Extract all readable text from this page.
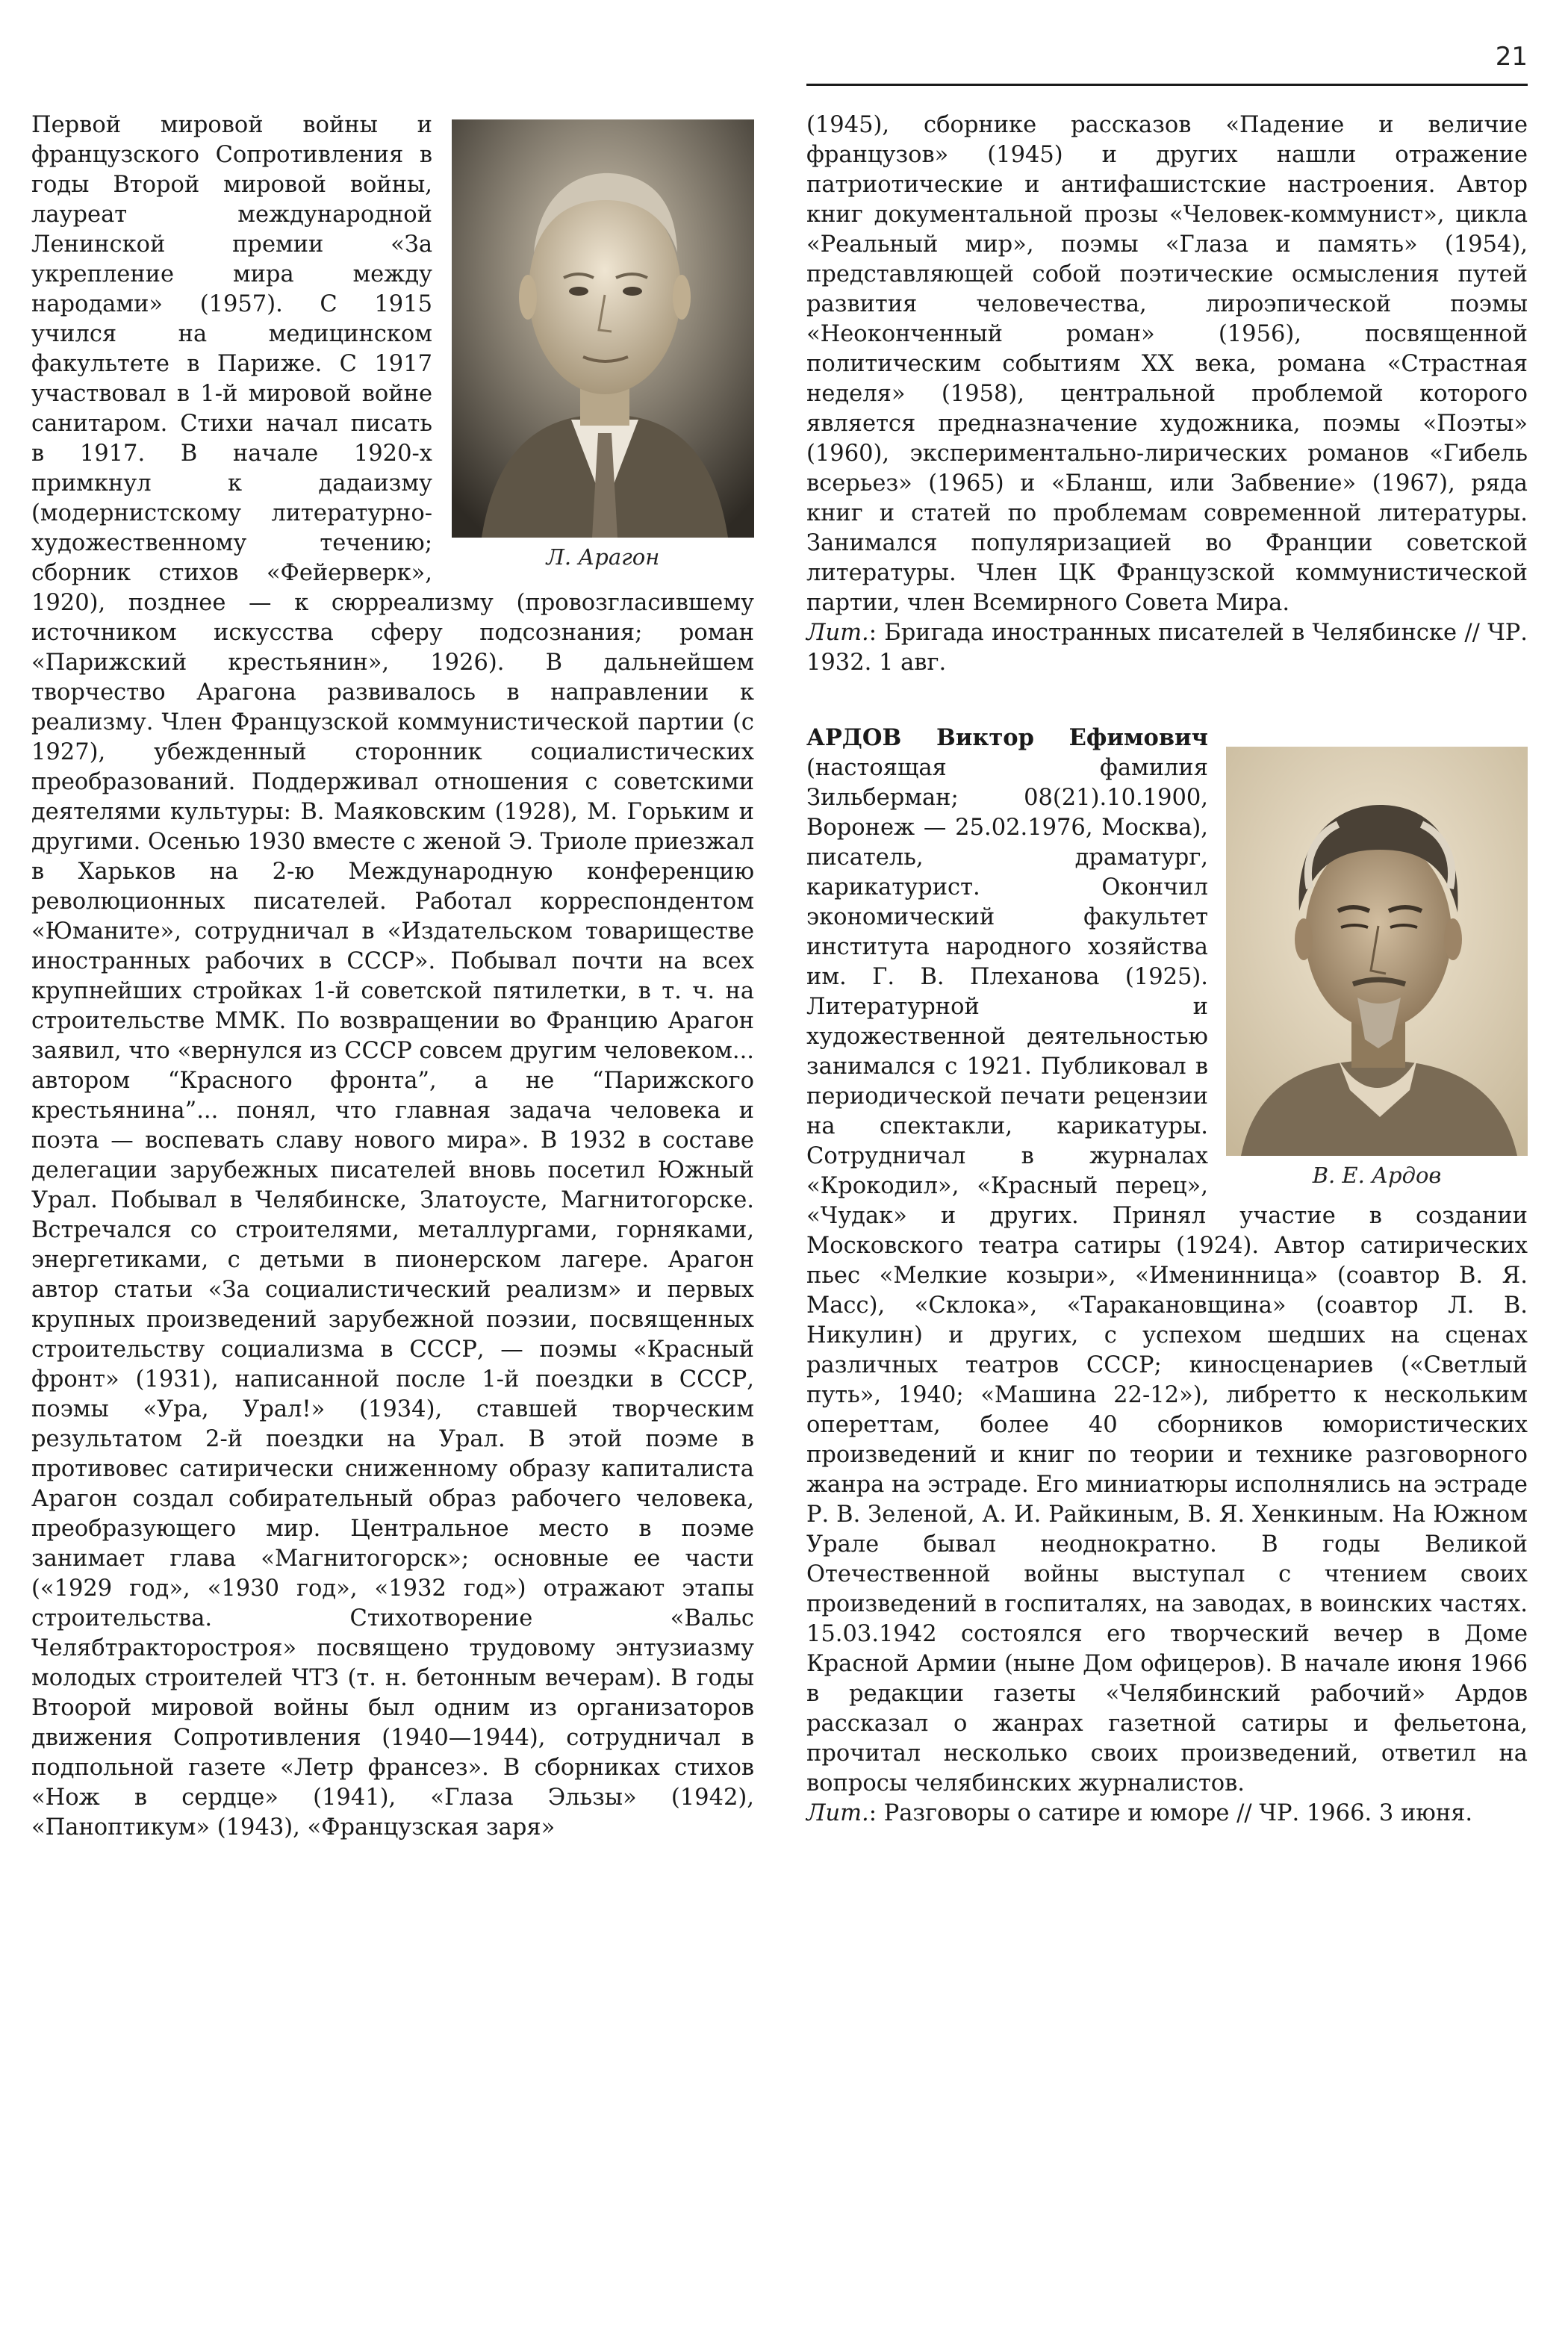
21
Л. Арагон

Первой мировой войны и французского Сопротивления в годы Второй мировой войны, лауреат международной Ленинской премии «За укрепление мира между народами» (1957). С 1915 учился на медицинском факультете в Париже. С 1917 участвовал в 1-й мировой войне санитаром. Стихи начал писать в 1917. В начале 1920-х примкнул к дадаизму (модернистскому литературно-художественному течению; сборник стихов «Фейерверк», 1920), позднее — к сюрреализму (провозгласившему источником искусства сферу подсознания; роман «Парижский крестьянин», 1926). В дальнейшем творчество Арагона развивалось в направлении к реализму. Член Французской коммунистической партии (с 1927), убежденный сторонник социалистических преобразований. Поддерживал отношения с советскими деятелями культуры: В. Маяковским (1928), М. Горьким и другими. Осенью 1930 вместе с женой Э. Триоле приезжал в Харьков на 2-ю Международную конференцию революционных писателей. Работал корреспондентом «Юманите», сотрудничал в «Издательском товариществе иностранных рабочих в СССР». Побывал почти на всех крупнейших стройках 1-й советской пятилетки, в т. ч. на строительстве ММК. По возвращении во Францию Арагон заявил, что «вернулся из СССР совсем другим человеком... автором “Красного фронта”, а не “Парижского крестьянина”... понял, что главная задача человека и поэта — воспевать славу нового мира». В 1932 в составе делегации зарубежных писателей вновь посетил Южный Урал. Побывал в Челябинске, Златоусте, Магнитогорске. Встречался со строителями, металлургами, горняками, энергетиками, с детьми в пионерском лагере. Арагон автор статьи «За социалистический реализм» и первых крупных произведений зарубежной поэзии, посвященных строительству социализма в СССР, — поэмы «Красный фронт» (1931), написанной после 1-й поездки в СССР, поэмы «Ура, Урал!» (1934), ставшей творческим результатом 2-й поездки на Урал. В этой поэме в противовес сатирически сниженному образу капиталиста Арагон создал собирательный образ рабочего человека, преобразующего мир. Центральное место в поэме занимает глава «Магнитогорск»; основные ее части («1929 год», «1930 год», «1932 год») отражают этапы строительства. Стихотворение «Вальс Челябтракторостроя» посвящено трудовому энтузиазму молодых строителей ЧТЗ (т. н. бетонным вечерам). В годы Втоорой мировой войны был одним из организаторов движения Сопротивления (1940—1944), сотрудничал в подпольной газете «Летр франсез». В сборниках стихов «Нож в сердце» (1941), «Глаза Эльзы» (1942), «Паноптикум» (1943), «Французская заря»

(1945), сборнике рассказов «Падение и величие французов» (1945) и других нашли отражение патриотические и антифашистские настроения. Автор книг документальной прозы «Человек-коммунист», цикла «Реальный мир», поэмы «Глаза и память» (1954), представляющей собой поэтические осмысления путей развития человечества, лироэпической поэмы «Неоконченный роман» (1956), посвященной политическим событиям XX века, романа «Страстная неделя» (1958), центральной проблемой которого является предназначение художника, поэмы «Поэты» (1960), экспериментально-лирических романов «Гибель всерьез» (1965) и «Бланш, или Забвение» (1967), ряда книг и статей по проблемам современной литературы. Занимался популяризацией во Франции советской литературы. Член ЦК Французской коммунистической партии, член Всемирного Совета Мира.

Лит.: Бригада иностранных писателей в Челябинске // ЧР. 1932. 1 авг.

В. Е. Ардов

АРДОВ Виктор Ефимович (настоящая фамилия Зильберман; 08(21).10.1900, Воронеж — 25.02.1976, Москва), писатель, драматург, карикатурист. Окончил экономический факультет института народного хозяйства им. Г. В. Плеханова (1925). Литературной и художественной деятельностью занимался с 1921. Публиковал в периодической печати рецензии на спектакли, карикатуры. Сотрудничал в журналах «Крокодил», «Красный перец», «Чудак» и других. Принял участие в создании Московского театра сатиры (1924). Автор сатирических пьес «Мелкие козыри», «Именинница» (соавтор В. Я. Масс), «Склока», «Таракановщина» (соавтор Л. В. Никулин) и других, с успехом шедших на сценах различных театров СССР; киносценариев («Светлый путь», 1940; «Машина 22-12»), либретто к нескольким опереттам, более 40 сборников юмористических произведений и книг по теории и технике разговорного жанра на эстраде. Его миниатюры исполнялись на эстраде Р. В. Зеленой, А. И. Райкиным, В. Я. Хенкиным. На Южном Урале бывал неоднократно. В годы Великой Отечественной войны выступал с чтением своих произведений в госпиталях, на заводах, в воинских частях. 15.03.1942 состоялся его творческий вечер в Доме Красной Армии (ныне Дом офицеров). В начале июня 1966 в редакции газеты «Челябинский рабочий» Ардов рассказал о жанрах газетной сатиры и фельетона, прочитал несколько своих произведений, ответил на вопросы челябинских журналистов.

Лит.: Разговоры о сатире и юморе // ЧР. 1966. 3 июня.
